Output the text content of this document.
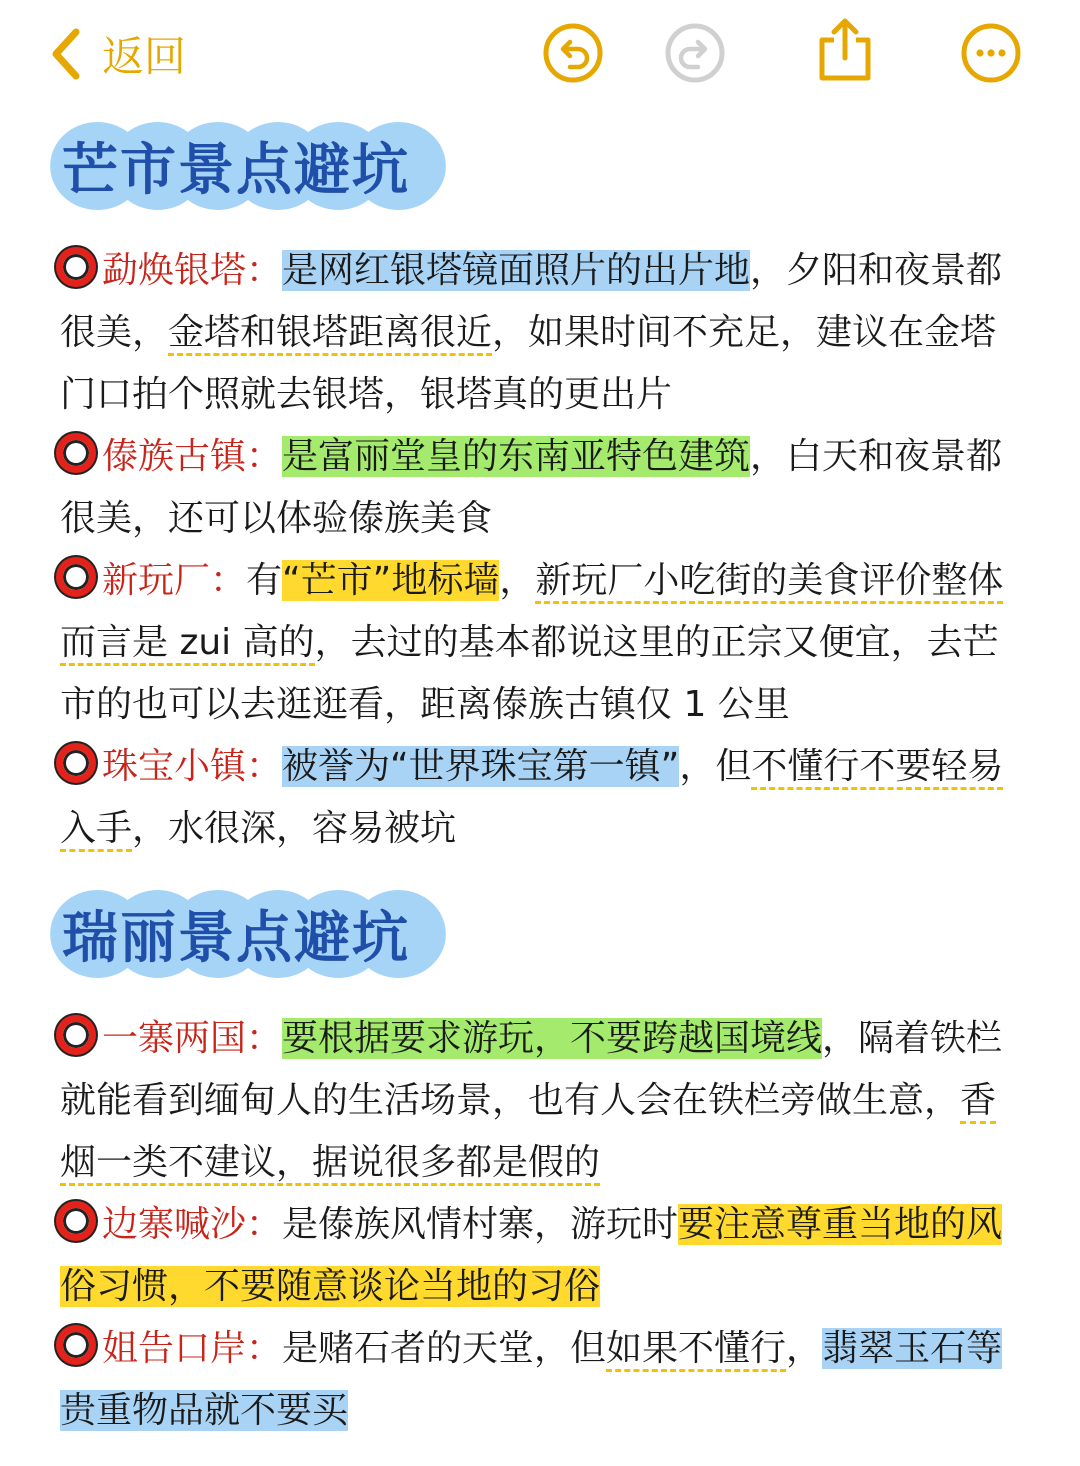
返回
芒市景点避坑
勐焕银塔：是网红银塔镜面照片的出片地，夕阳和夜景都很美，金塔和银塔距离很近，如果时间不充足，建议在金塔门口拍个照就去银塔，银塔真的更出片
傣族古镇：是富丽堂皇的东南亚特色建筑，白天和夜景都很美，还可以体验傣族美食
新玩厂：有“芒市”地标墙，新玩厂小吃街的美食评价整体而言是 zui 高的，去过的基本都说这里的正宗又便宜，去芒市的也可以去逛逛看，距离傣族古镇仅 1 公里
珠宝小镇：被誉为“世界珠宝第一镇”，但不懂行不要轻易入手，水很深，容易被坑
瑞丽景点避坑
一寨两国：要根据要求游玩，不要跨越国境线，隔着铁栏就能看到缅甸人的生活场景，也有人会在铁栏旁做生意，香烟一类不建议，据说很多都是假的
边寨喊沙：是傣族风情村寨，游玩时要注意尊重当地的风俗习惯，不要随意谈论当地的习俗
姐告口岸：是赌石者的天堂，但如果不懂行，翡翠玉石等贵重物品就不要买
